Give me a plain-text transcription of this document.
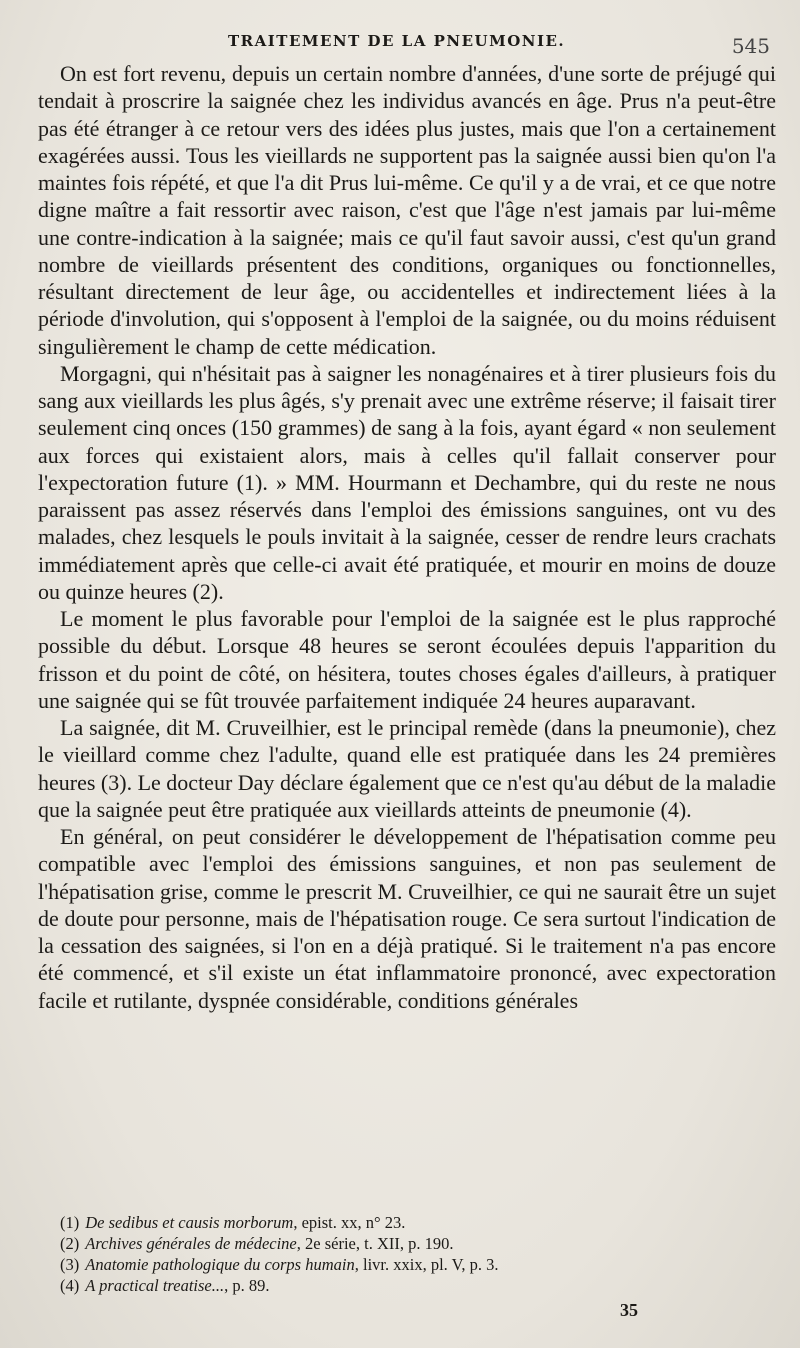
TRAITEMENT DE LA PNEUMONIE.	545

On est fort revenu, depuis un certain nombre d'années, d'une sorte de préjugé qui tendait à proscrire la saignée chez les individus avancés en âge. Prus n'a peut-être pas été étranger à ce retour vers des idées plus justes, mais que l'on a certainement exagérées aussi. Tous les vieillards ne supportent pas la saignée aussi bien qu'on l'a maintes fois répété, et que l'a dit Prus lui-même. Ce qu'il y a de vrai, et ce que notre digne maître a fait ressortir avec raison, c'est que l'âge n'est jamais par lui-même une contre-indication à la saignée; mais ce qu'il faut savoir aussi, c'est qu'un grand nombre de vieillards présentent des conditions, organiques ou fonctionnelles, résultant directement de leur âge, ou accidentelles et indirectement liées à la période d'involution, qui s'opposent à l'emploi de la saignée, ou du moins réduisent singulièrement le champ de cette médication.

Morgagni, qui n'hésitait pas à saigner les nonagénaires et à tirer plusieurs fois du sang aux vieillards les plus âgés, s'y prenait avec une extrême réserve; il faisait tirer seulement cinq onces (150 grammes) de sang à la fois, ayant égard « non seulement aux forces qui existaient alors, mais à celles qu'il fallait conserver pour l'expectoration future (1). » MM. Hourmann et Dechambre, qui du reste ne nous paraissent pas assez réservés dans l'emploi des émissions sanguines, ont vu des malades, chez lesquels le pouls invitait à la saignée, cesser de rendre leurs crachats immédiatement après que celle-ci avait été pratiquée, et mourir en moins de douze ou quinze heures (2).

Le moment le plus favorable pour l'emploi de la saignée est le plus rapproché possible du début. Lorsque 48 heures se seront écoulées depuis l'apparition du frisson et du point de côté, on hésitera, toutes choses égales d'ailleurs, à pratiquer une saignée qui se fût trouvée parfaitement indiquée 24 heures auparavant.

La saignée, dit M. Cruveilhier, est le principal remède (dans la pneumonie), chez le vieillard comme chez l'adulte, quand elle est pratiquée dans les 24 premières heures (3). Le docteur Day déclare également que ce n'est qu'au début de la maladie que la saignée peut être pratiquée aux vieillards atteints de pneumonie (4).

En général, on peut considérer le développement de l'hépatisation comme peu compatible avec l'emploi des émissions sanguines, et non pas seulement de l'hépatisation grise, comme le prescrit M. Cruveilhier, ce qui ne saurait être un sujet de doute pour personne, mais de l'hépatisation rouge. Ce sera surtout l'indication de la cessation des saignées, si l'on en a déjà pratiqué. Si le traitement n'a pas encore été commencé, et s'il existe un état inflammatoire prononcé, avec expectoration facile et rutilante, dyspnée considérable, conditions générales

(1) De sedibus et causis morborum, epist. xx, n° 23.

(2) Archives générales de médecine, 2e série, t. XII, p. 190.

(3) Anatomie pathologique du corps humain, livr. xxix, pl. V, p. 3.

(4) A practical treatise..., p. 89.

35
